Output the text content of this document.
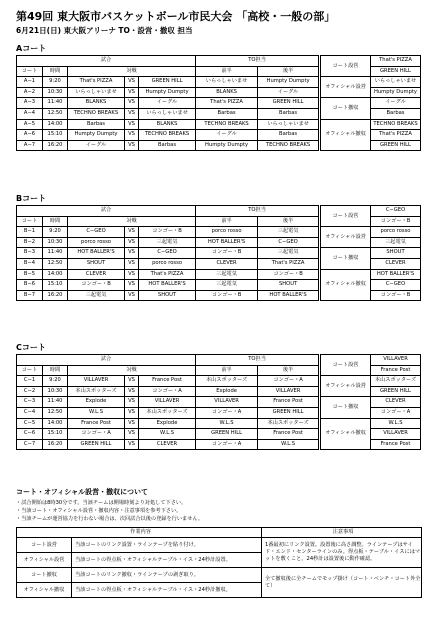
第49回 東大阪市バスケットボール市民大会 「高校・一般の部」
6月21日(日) 東大阪アリーナ TO・設営・撤収 担当
Aコート
試合					TO担当	
コート	時間	対戦			前半	後半
A−1	9:20	That's PIZZA	VS	GREEN HILL	いらっしゃいませ	Humpty Dumpty
A−2	10:30	いらっしゃいませ	VS	Humpty Dumpty	BLANKS	イーグル
A−3	11:40	BLANKS	VS	イーグル	That's PIZZA	GREEN HILL
A−4	12:50	TECHNO BREAKS	VS	いらっしゃいませ	Barbas	Barbas
A−5	14:00	Barbas	VS	BLANKS	TECHNO BREAKS	いらっしゃいませ
A−6	15:10	Humpty Dumpty	VS	TECHNO BREAKS	イーグル	Barbas
A−7	16:20	イーグル	VS	Barbas	Humpty Dumpty	TECHNO BREAKS
コート設営	That's PIZZA
	GREEN HILL
オフィシャル設営	いらっしゃいませ
	Humpty Dumpty
コート撤収	イーグル
	Barbas
オフィシャル撤収	TECHNO BREAKS
	That's PIZZA
	GREEN HILL
Bコート
試合					TO担当	
コート	時間	対戦			前半	後半
B−1	9:20	C−GEO	VS	コンゴー・B	porco rosso	三起電気
B−2	10:30	porco rosso	VS	三起電気	HOT BALLER'S	C−GEO
B−3	11:40	HOT BALLER'S	VS	C−GEO	コンゴー・B	三起電気
B−4	12:50	SHOUT	VS	porco rosso	CLEVER	That's PIZZA
B−5	14:00	CLEVER	VS	That's PIZZA	三起電気	コンゴー・B
B−6	15:10	コンゴー・B	VS	HOT BALLER'S	三起電気	SHOUT
B−7	16:20	三起電気	VS	SHOUT	コンゴー・B	HOT BALLER'S
コート設営	C−GEO
	コンゴー・B
オフィシャル設営	porco rosso
	三起電気
コート撤収	SHOUT
	CLEVER
オフィシャル撤収	HOT BALLER'S
	C−GEO
	コンゴー・B
Cコート
試合					TO担当	
コート	時間	対戦			前半	後半
C−1	9:20	VILLAVER	VS	France Post	本山スポッターズ	コンゴー・A
C−2	10:30	本山スポッターズ	VS	コンゴー・A	Explode	VILLAVER
C−3	11:40	Explode	VS	VILLAVER	VILLAVER	France Post
C−4	12:50	W.L.S	VS	本山スポッターズ	コンゴー・A	GREEN HILL
C−5	14:00	France Post	VS	Explode	W.L.S	本山スポッターズ
C−6	15:10	コンゴー・A	VS	W.L.S	GREEN HILL	France Post
C−7	16:20	GREEN HILL	VS	CLEVER	コンゴー・A	W.L.S
コート設営	VILLAVER
	France Post
オフィシャル設営	本山スポッターズ
	GREEN HILL
コート撤収	CLEVER
	コンゴー・A
オフィシャル撤収	W.L.S
	VILLAVER
	France Post
コート・オフィシャル設営・撤収について
・試合開始は8時30分です。当該チームは開場時刻より対処して下さい。
・当該コート・オフィシャル設営・撤収内容・注意事項を参考下さい。
・当該チームが運営協力を行わない場合は、次回試合以後の登録を行いません。
作業内容		注意事項
コート設営	当該コートのリンク設置・ラインテープを貼り付け。	1番最初にリンク設置。設置後に高さ調整。ラインテープはサイド・エンド・センターラインのみ。得点板・テーブル・イスにはマットを敷くこと。24秒計は設置後に動作確認。
オフィシャル設営	当該コートの得点板・オフィシャルテーブル・イス・24秒計設置。	
コート撤収	当該コートのリンク撤収・ラインテープの剥ぎ取り。	全て撤収後に全チームでモップ掛け（コート・ベンチ・コート外全て）
オフィシャル撤収	当該コートの得点板・オフィシャルテーブル・イス・24秒計撤収。	
